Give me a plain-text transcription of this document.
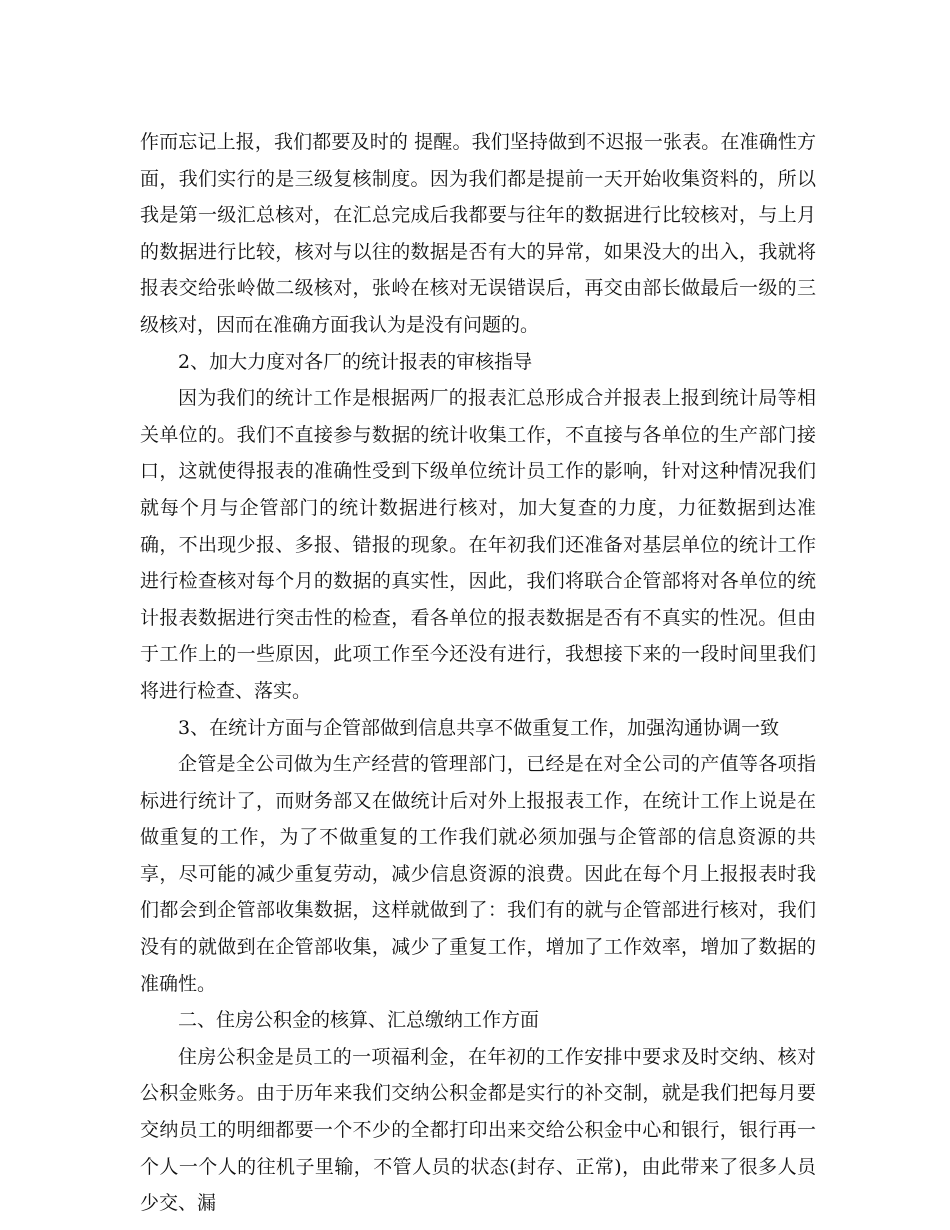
作而忘记上报，我们都要及时的 提醒。我们坚持做到不迟报一张表。在准确性方面，我们实行的是三级复核制度。因为我们都是提前一天开始收集资料的，所以我是第一级汇总核对，在汇总完成后我都要与往年的数据进行比较核对，与上月的数据进行比较，核对与以往的数据是否有大的异常，如果没大的出入，我就将报表交给张岭做二级核对，张岭在核对无误错误后，再交由部长做最后一级的三级核对，因而在准确方面我认为是没有问题的。

2、加大力度对各厂的统计报表的审核指导

因为我们的统计工作是根据两厂的报表汇总形成合并报表上报到统计局等相关单位的。我们不直接参与数据的统计收集工作，不直接与各单位的生产部门接口，这就使得报表的准确性受到下级单位统计员工作的影响，针对这种情况我们就每个月与企管部门的统计数据进行核对，加大复查的力度，力征数据到达准确，不出现少报、多报、错报的现象。在年初我们还准备对基层单位的统计工作进行检查核对每个月的数据的真实性，因此，我们将联合企管部将对各单位的统计报表数据进行突击性的检查，看各单位的报表数据是否有不真实的性况。但由于工作上的一些原因，此项工作至今还没有进行，我想接下来的一段时间里我们将进行检查、落实。

3、在统计方面与企管部做到信息共享不做重复工作，加强沟通协调一致

企管是全公司做为生产经营的管理部门，已经是在对全公司的产值等各项指标进行统计了，而财务部又在做统计后对外上报报表工作，在统计工作上说是在做重复的工作，为了不做重复的工作我们就必须加强与企管部的信息资源的共享，尽可能的减少重复劳动，减少信息资源的浪费。因此在每个月上报报表时我们都会到企管部收集数据，这样就做到了：我们有的就与企管部进行核对，我们没有的就做到在企管部收集，减少了重复工作，增加了工作效率，增加了数据的准确性。

二、住房公积金的核算、汇总缴纳工作方面

住房公积金是员工的一项福利金，在年初的工作安排中要求及时交纳、核对公积金账务。由于历年来我们交纳公积金都是实行的补交制，就是我们把每月要交纳员工的明细都要一个不少的全都打印出来交给公积金中心和银行，银行再一个人一个人的往机子里输，不管人员的状态(封存、正常)，由此带来了很多人员少交、漏
